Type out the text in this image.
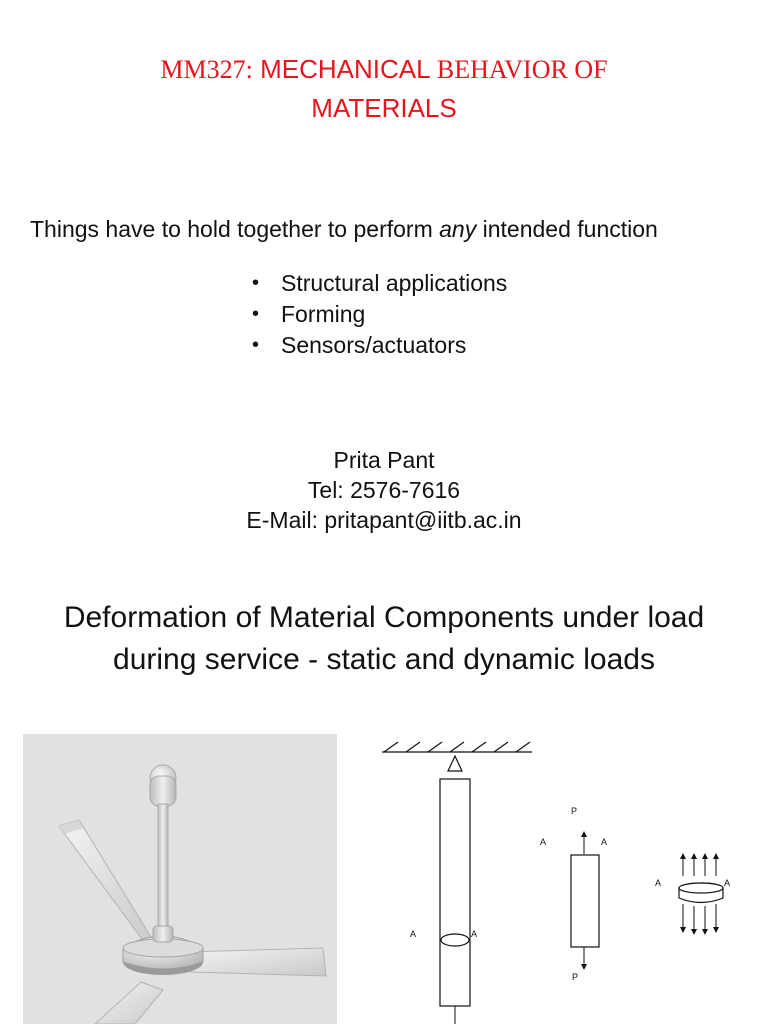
MM327: MECHANICAL BEHAVIOR OF
MATERIALS

Things have to hold together to perform any intended function

• Structural applications
• Forming
• Sensors/actuators
Prita Pant
Tel: 2576-7616
E-Mail: pritapant@iitb.ac.in
Deformation of Material Components under load
during service - static and dynamic loads
A	A
P
A	A
P
A	A
